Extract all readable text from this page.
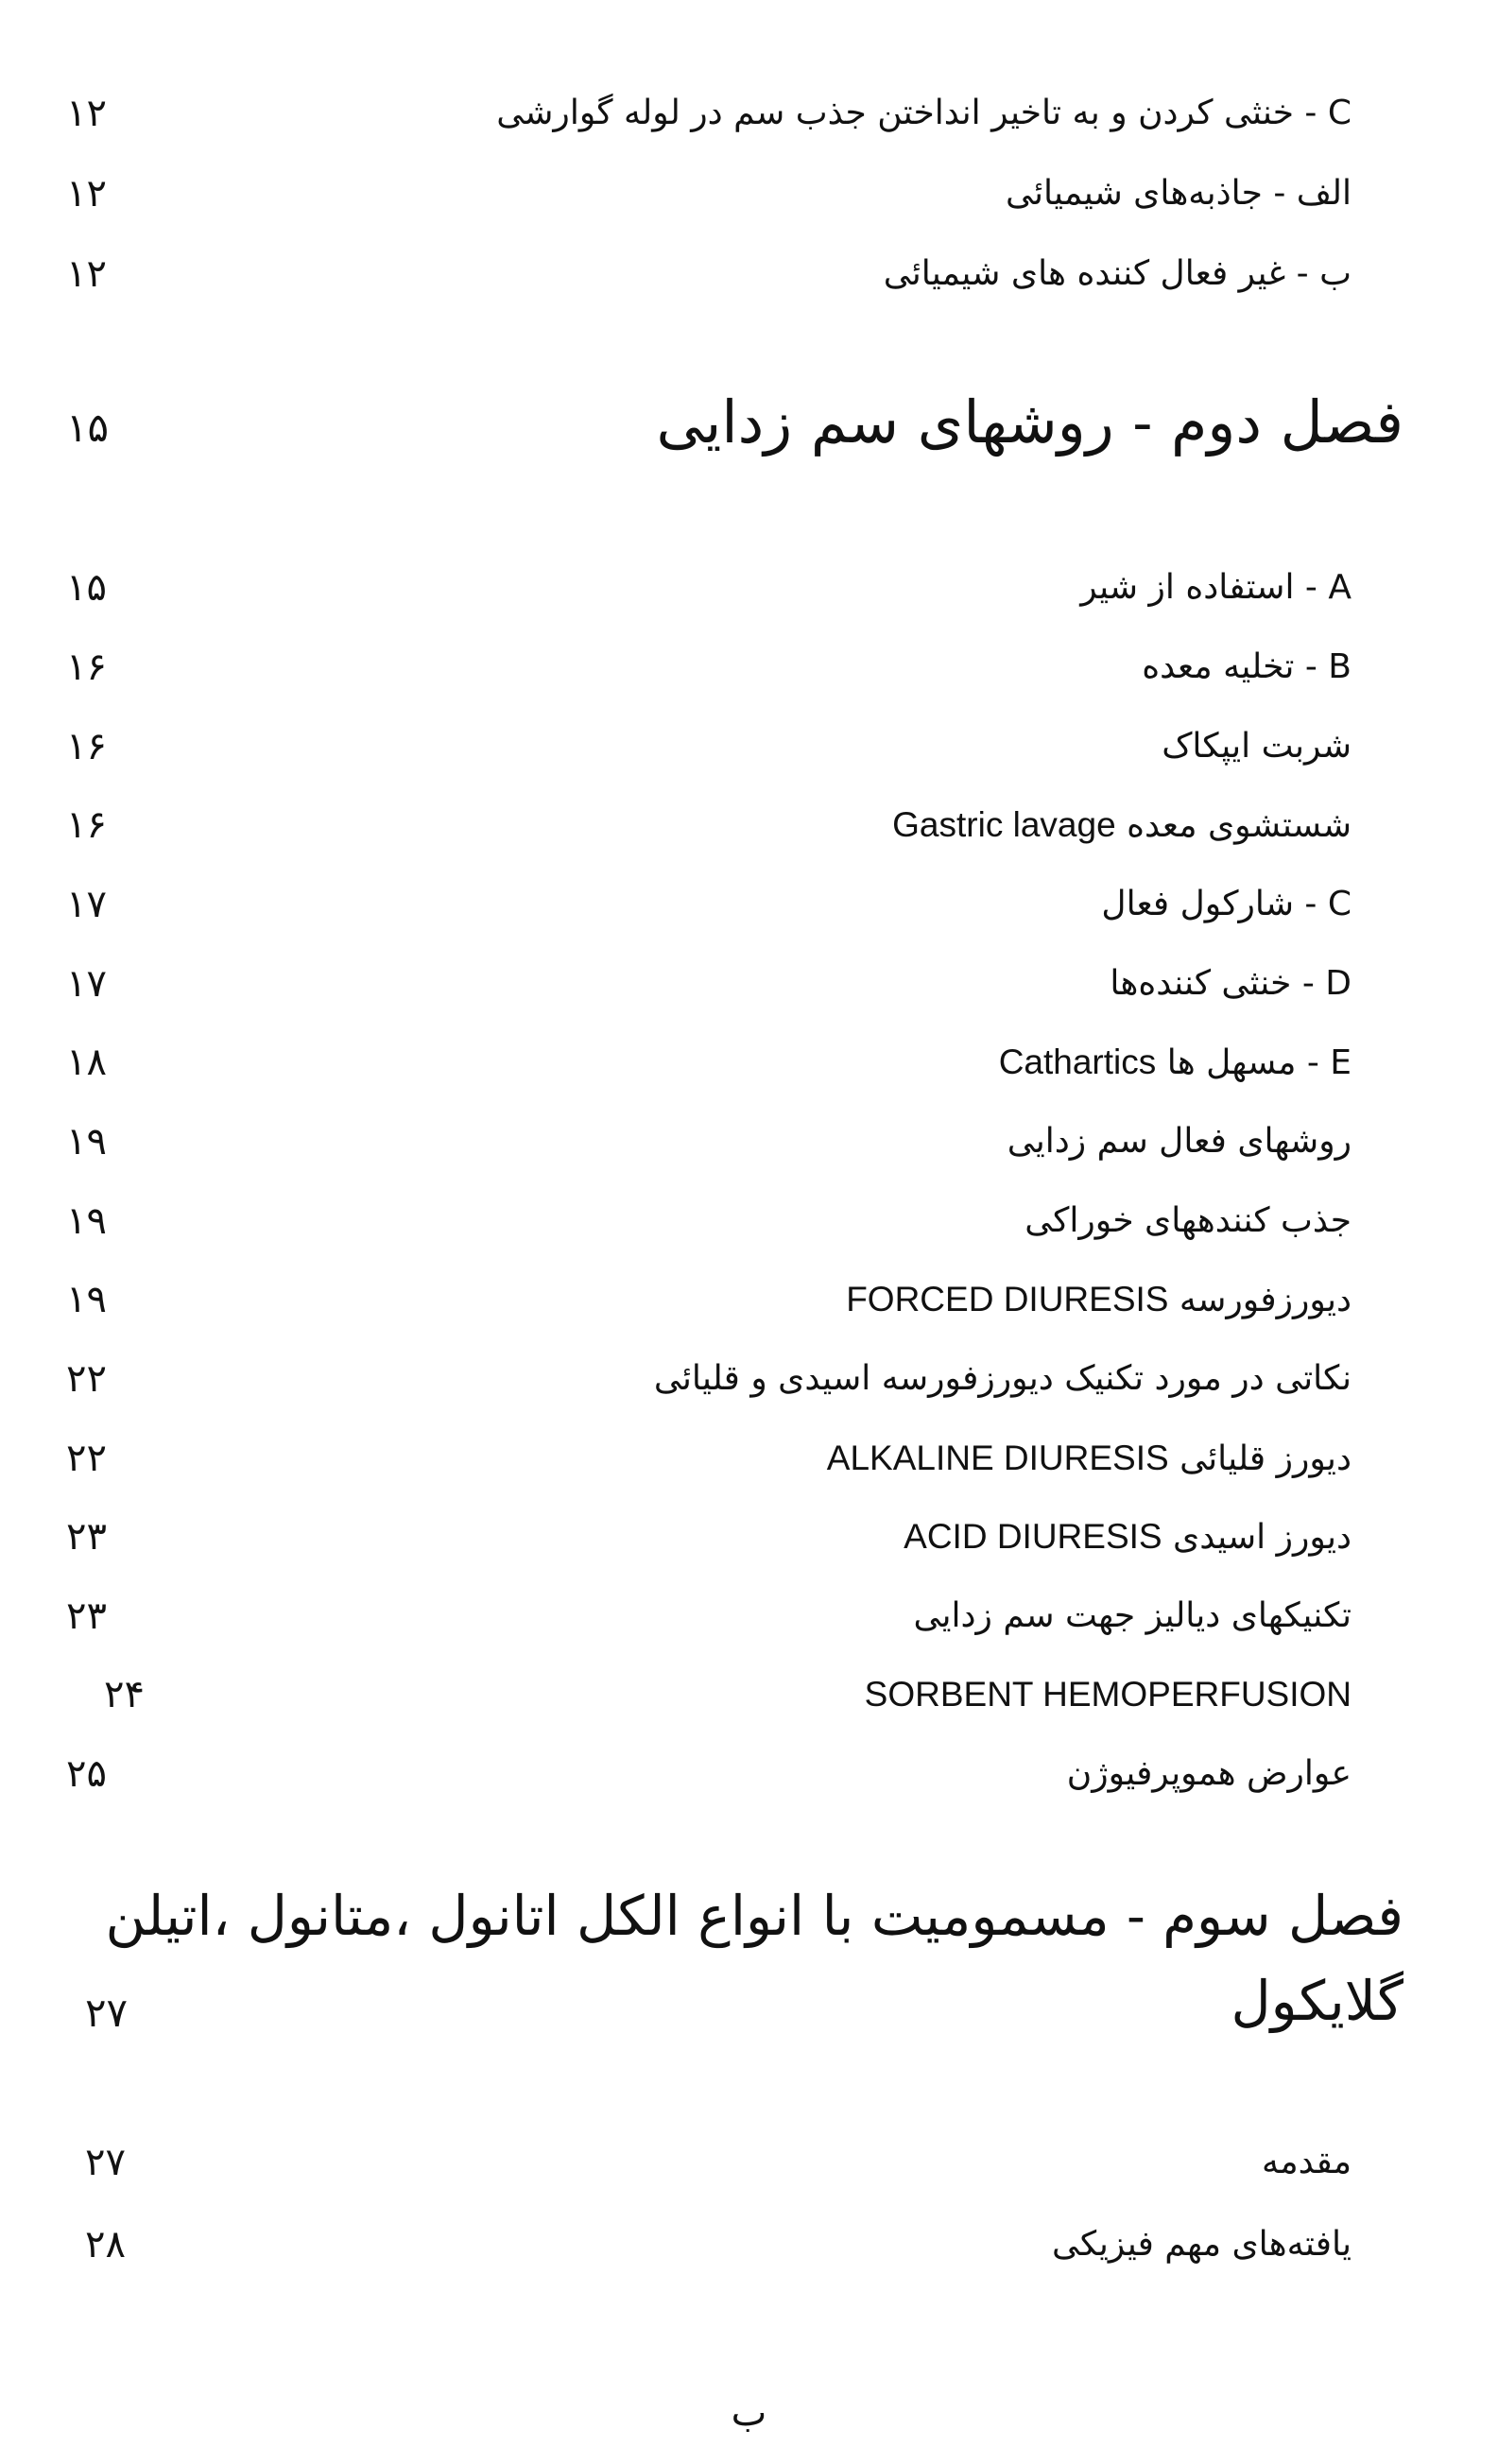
C - خنثی کردن و به تاخیر انداختن جذب سم در لوله گوارشی
۱۲
الف - جاذبه‌های شیمیائی
۱۲
ب - غیر فعال کننده های شیمیائی
۱۲
فصل دوم - روشهای سم زدایی
۱۵
A - استفاده از شیر
۱۵
B - تخلیه معده
۱۶
شربت ایپکاک
۱۶
شستشوی معده Gastric lavage
۱۶
C - شارکول فعال
۱۷
D - خنثی کننده‌ها
۱۷
E - مسهل ها Cathartics
۱۸
روشهای فعال سم زدایی
۱۹
جذب کنندههای خوراکی
۱۹
دیورزفورسه FORCED DIURESIS
۱۹
نکاتی در مورد تکنیک دیورزفورسه اسیدی و قلیائی
۲۲
دیورز قلیائی ALKALINE DIURESIS
۲۲
دیورز اسیدی ACID DIURESIS
۲۳
تکنیکهای دیالیز جهت سم زدایی
۲۳
SORBENT HEMOPERFUSION
۲۴
عوارض هموپرفیوژن
۲۵
فصل سوم - مسمومیت با انواع الکل اتانول ،متانول ،اتیلن
گلایکول
۲۷
مقدمه
۲۷
یافته‌های مهم فیزیکی
۲۸
ب
